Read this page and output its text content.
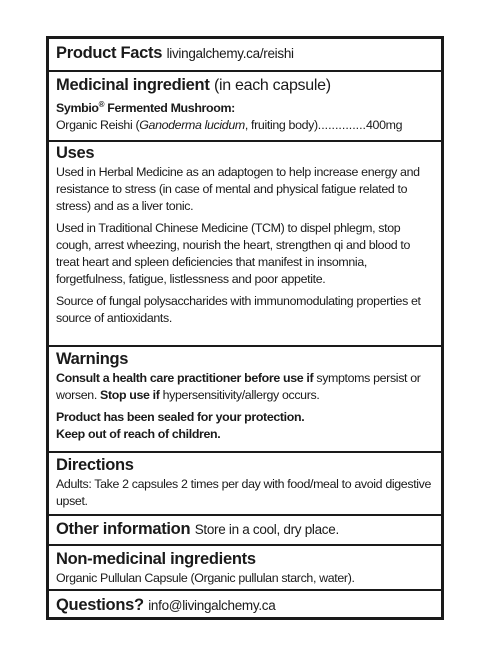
Product Facts livingalchemy.ca/reishi
Medicinal ingredient (in each capsule)

Symbio® Fermented Mushroom:

Organic Reishi (Ganoderma lucidum, fruiting body)..............400mg

Uses

Used in Herbal Medicine as an adaptogen to help increase energy and resistance to stress (in case of mental and physical fatigue related to stress) and as a liver tonic.

Used in Traditional Chinese Medicine (TCM) to dispel phlegm, stop cough, arrest wheezing, nourish the heart, strengthen qi and blood to treat heart and spleen deficiencies that manifest in insomnia, forgetfulness, fatigue, listlessness and poor appetite.

Source of fungal polysaccharides with immunomodulating properties et source of antioxidants.

Warnings

Consult a health care practitioner before use if symptoms persist or worsen. Stop use if hypersensitivity/allergy occurs.

Product has been sealed for your protection.

Keep out of reach of children.

Directions

Adults: Take 2 capsules 2 times per day with food/meal to avoid digestive upset.

Other information Store in a cool, dry place.
Non-medicinal ingredients

Organic Pullulan Capsule (Organic pullulan starch, water).

Questions? info@livingalchemy.ca
